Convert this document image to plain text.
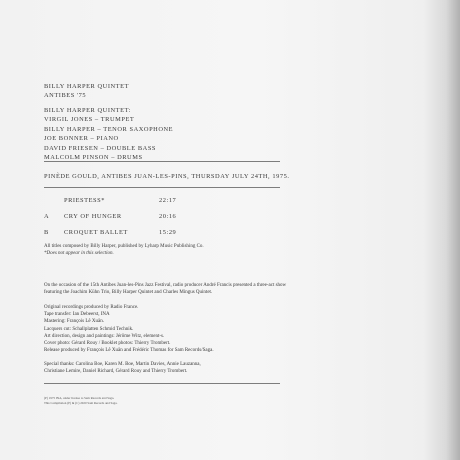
BILLY HARPER QUINTET
ANTIBES '75
BILLY HARPER QUINTET:
VIRGIL JONES – TRUMPET
BILLY HARPER – TENOR SAXOPHONE
JOE BONNER – PIANO
DAVID FRIESEN – DOUBLE BASS
MALCOLM PINSON – DRUMS
PINÈDE GOULD, ANTIBES JUAN-LES-PINS, THURSDAY JULY 24TH, 1975.
PRIESTESS*	22:17
A CRY OF HUNGER	20:16
B CROQUET BALLET	15:29
All titles composed by Billy Harper, published by Lyharp Music Publishing Co.
*Does not appear in this selection.
On the occasion of the 15th Antibes Juan-les-Pins Jazz Festival, radio producer André Francis presented a three-act show
featuring the Joachim Kühn Trio, Billy Harper Quintet and Charles Mingus Quintet.
Original recordings produced by Radio France.
Tape transfer: Ian Debeerst, INA
Mastering: François Lê Xuân.
Lacquers cut: Schallplatten Schmid Technik.
Art direction, design and paintings: Jérôme Witz, element-s.
Cover photo: Gérard Rouy / Booklet photos: Thierry Trombert.
Release produced by François Lê Xuân and Frédéric Thomas for Sam Records/Saga.
Special thanks: Carolina Boe, Karen M. Boe, Martin Davies, Annie Lauzanna,
Christiane Lemire, Daniel Richard, Gérard Rouy and Thierry Trombert.
(P) 1975 INA, under license to Sam Records and Saga.
This Compilation (P) & (C) 2020 Sam Records and Saga.
